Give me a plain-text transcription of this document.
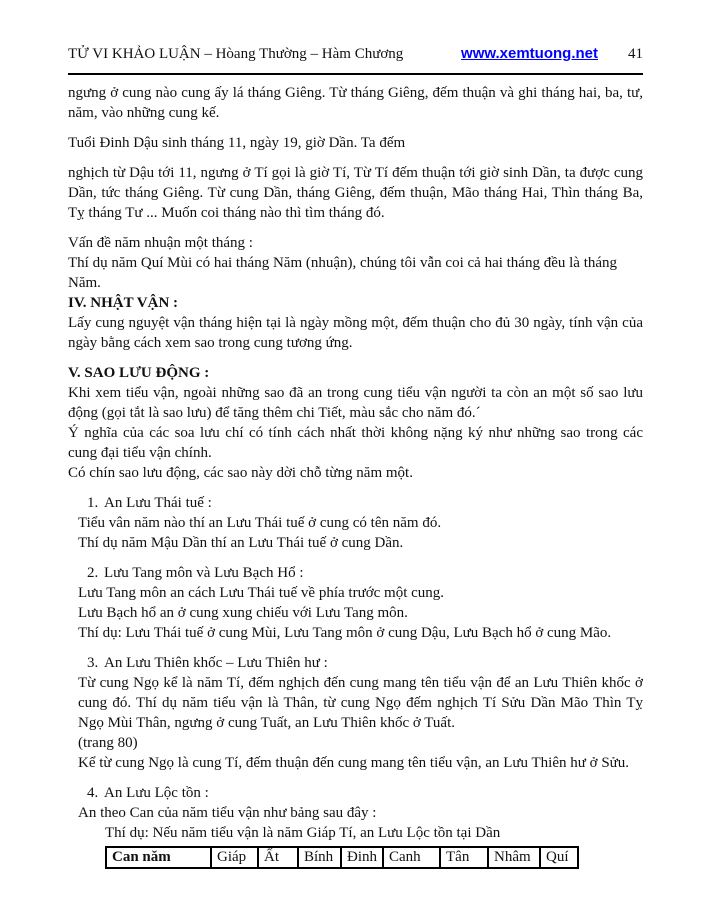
TỬ VI KHẢO LUẬN – Hòang Thường – Hàm Chương	www.xemtuong.net 41

ngưng ở cung nào cung ấy lá tháng Giêng. Từ tháng Giêng, đếm thuận và ghi tháng hai, ba, tư, năm, vào những cung kế.

Tuổi Đinh Dậu sinh tháng 11, ngày 19, giờ Dần. Ta đếm

nghịch từ Dậu tới 11, ngưng ở Tí gọi là giờ Tí, Từ Tí đếm thuận tới giờ sinh Dần, ta được cung Dần, tức tháng Giêng. Từ cung Dần, tháng Giêng, đếm thuận, Mão tháng Hai, Thìn tháng Ba, Tỵ tháng Tư ... Muốn coi tháng nào thì tìm tháng đó.

Vấn đề năm nhuận một tháng :

Thí dụ năm Quí Mùi có hai tháng Năm (nhuận), chúng tôi vẫn coi cả hai tháng đều là tháng Năm.

IV. NHẬT VẬN :

Lấy cung nguyệt vận tháng hiện tại là ngày mồng một, đếm thuận cho đủ 30 ngày, tính vận của ngày bằng cách xem sao trong cung tương ứng.

V. SAO LƯU ĐỘNG :

Khi xem tiểu vận, ngoài những sao đã an trong cung tiểu vận người ta còn an một số sao lưu động (gọi tắt là sao lưu) để tăng thêm chi Tiết, màu sắc cho năm đó.´

Ý nghĩa của các soa lưu chí có tính cách nhất thời không nặng ký như những sao trong các cung đại tiểu vận chính.

Có chín sao lưu động, các sao này dời chỗ từng năm một.

1. An Lưu Thái tuế :

Tiểu vân năm nào thí an Lưu Thái tuế ở cung có tên năm đó.

Thí dụ năm Mậu Dần thí an Lưu Thái tuế ở cung Dần.

2. Lưu Tang môn và Lưu Bạch Hổ :

Lưu Tang môn an cách Lưu Thái tuế về phía trước một cung.

Lưu Bạch hổ an ở cung xung chiếu với Lưu Tang môn.

Thí dụ: Lưu Thái tuế ở cung Mùi, Lưu Tang môn ở cung Dậu, Lưu Bạch hổ ở cung Mão.

3. An Lưu Thiên khốc – Lưu Thiên hư :

Từ cung Ngọ kể là năm Tí, đếm nghịch đến cung mang tên tiểu vận để an Lưu Thiên khốc ở cung đó. Thí dụ năm tiểu vận là Thân, từ cung Ngọ đếm nghịch Tí Sửu Dần Mão Thìn Tỵ Ngọ Mùi Thân, ngưng ở cung Tuất, an Lưu Thiên khốc ở Tuất.

(trang 80)

Kể từ cung Ngọ là cung Tí, đếm thuận đến cung mang tên tiểu vận, an Lưu Thiên hư ở Sửu.

4. An Lưu Lộc tồn :

An theo Can của năm tiểu vận như bảng sau đây :

Thí dụ: Nếu năm tiểu vận là năm Giáp Tí, an Lưu Lộc tồn tại Dần

Can năm	Giáp	Ất	Bính	Đinh	Canh	Tân	Nhâm	Quí
